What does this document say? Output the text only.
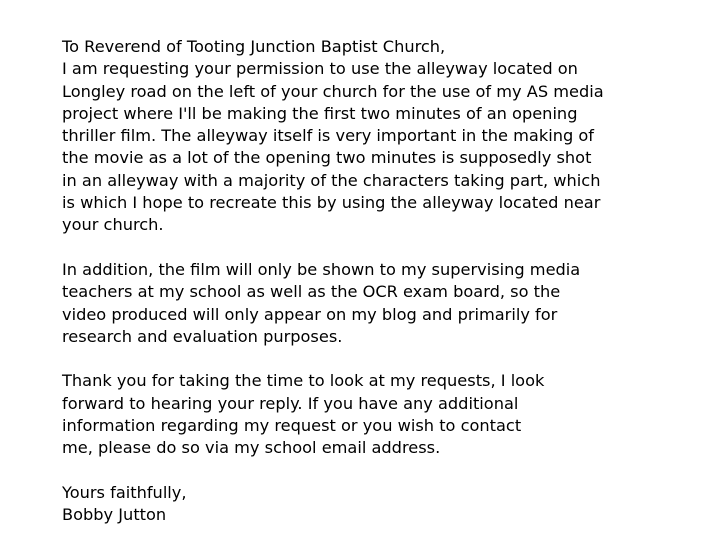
To Reverend of Tooting Junction Baptist Church,
I am requesting your permission to use the alleyway located on
Longley road on the left of your church for the use of my AS media
project where I'll be making the first two minutes of an opening
thriller film. The alleyway itself is very important in the making of
the movie as a lot of the opening two minutes is supposedly shot
in an alleyway with a majority of the characters taking part, which
is which I hope to recreate this by using the alleyway located near
your church.
In addition, the film will only be shown to my supervising media
teachers at my school as well as the OCR exam board, so the
video produced will only appear on my blog and primarily for
research and evaluation purposes.
Thank you for taking the time to look at my requests, I look
forward to hearing your reply. If you have any additional
information regarding my request or you wish to contact
me, please do so via my school email address.
Yours faithfully,
Bobby Jutton
